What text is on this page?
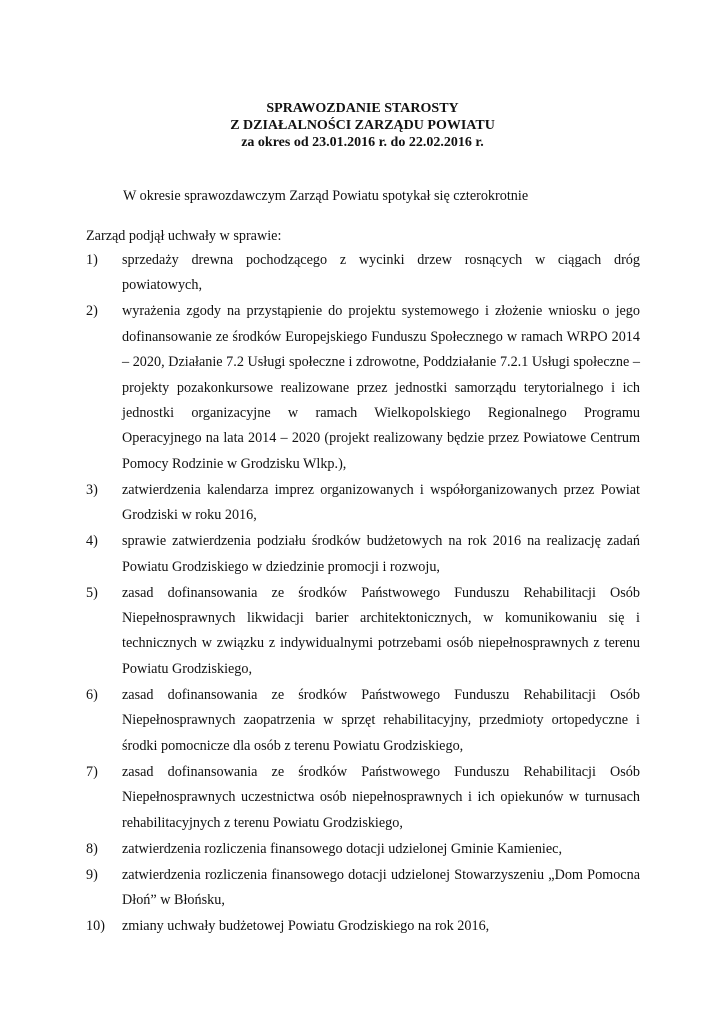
SPRAWOZDANIE STAROSTY
Z DZIAŁALNOŚCI ZARZĄDU POWIATU
za okres od 23.01.2016 r. do 22.02.2016 r.
W okresie sprawozdawczym Zarząd Powiatu spotykał się czterokrotnie
Zarząd podjął uchwały w sprawie:
1) sprzedaży drewna pochodzącego z wycinki drzew rosnących w ciągach dróg powiatowych,
2) wyrażenia zgody na przystąpienie do projektu systemowego i złożenie wniosku o jego dofinansowanie ze środków Europejskiego Funduszu Społecznego w ramach WRPO 2014 – 2020, Działanie 7.2 Usługi społeczne i zdrowotne, Poddziałanie 7.2.1 Usługi społeczne – projekty pozakonkursowe realizowane przez jednostki samorządu terytorialnego i ich jednostki organizacyjne w ramach Wielkopolskiego Regionalnego Programu Operacyjnego na lata 2014 – 2020 (projekt realizowany będzie przez Powiatowe Centrum Pomocy Rodzinie w Grodzisku Wlkp.),
3) zatwierdzenia kalendarza imprez organizowanych i współorganizowanych przez Powiat Grodziski w roku 2016,
4) sprawie zatwierdzenia podziału środków budżetowych na rok 2016 na realizację zadań Powiatu Grodziskiego w dziedzinie promocji i rozwoju,
5) zasad dofinansowania ze środków Państwowego Funduszu Rehabilitacji Osób Niepełnosprawnych likwidacji barier architektonicznych, w komunikowaniu się i technicznych w związku z indywidualnymi potrzebami osób niepełnosprawnych z terenu Powiatu Grodziskiego,
6) zasad dofinansowania ze środków Państwowego Funduszu Rehabilitacji Osób Niepełnosprawnych zaopatrzenia w sprzęt rehabilitacyjny, przedmioty ortopedyczne i środki pomocnicze dla osób z terenu Powiatu Grodziskiego,
7) zasad dofinansowania ze środków Państwowego Funduszu Rehabilitacji Osób Niepełnosprawnych uczestnictwa osób niepełnosprawnych i ich opiekunów w turnusach rehabilitacyjnych z terenu Powiatu Grodziskiego,
8) zatwierdzenia rozliczenia finansowego dotacji udzielonej Gminie Kamieniec,
9) zatwierdzenia rozliczenia finansowego dotacji udzielonej Stowarzyszeniu „Dom Pomocna Dłoń” w Błońsku,
10) zmiany uchwały budżetowej Powiatu Grodziskiego na rok 2016,
